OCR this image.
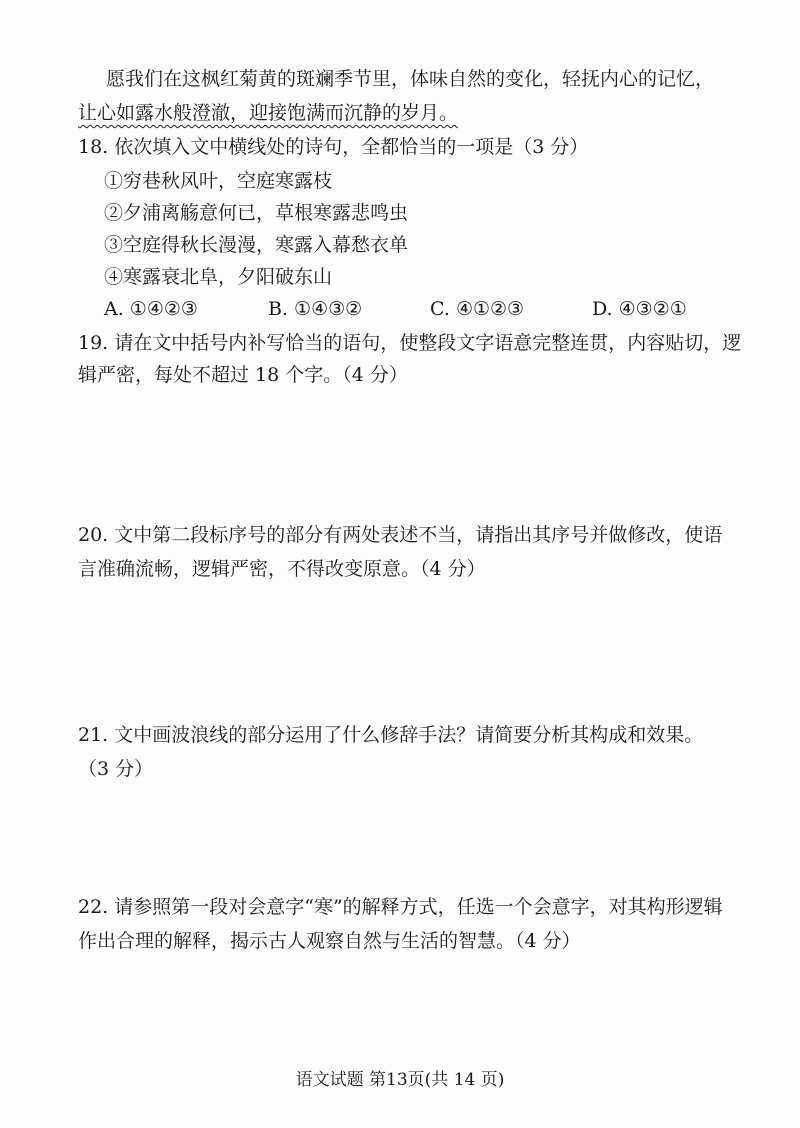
愿我们在这枫红菊黄的斑斓季节里，体味自然的变化，轻抚内心的记忆，
让心如露水般澄澈，迎接饱满而沉静的岁月。
18. 依次填入文中横线处的诗句，全都恰当的一项是（3 分）
①穷巷秋风叶，空庭寒露枝
②夕浦离觞意何已，草根寒露悲鸣虫
③空庭得秋长漫漫，寒露入幕愁衣单
④寒露衰北阜，夕阳破东山
A. ①④②③	B. ①④③②	C. ④①②③	D. ④③②①
19. 请在文中括号内补写恰当的语句，使整段文字语意完整连贯，内容贴切，逻
辑严密，每处不超过 18 个字。（4 分）
20. 文中第二段标序号的部分有两处表述不当，请指出其序号并做修改，使语
言准确流畅，逻辑严密，不得改变原意。（4 分）
21. 文中画波浪线的部分运用了什么修辞手法？请简要分析其构成和效果。
（3 分）
22. 请参照第一段对会意字“寒”的解释方式，任选一个会意字，对其构形逻辑
作出合理的解释，揭示古人观察自然与生活的智慧。（4 分）
语文试题 第13页(共 14 页)
